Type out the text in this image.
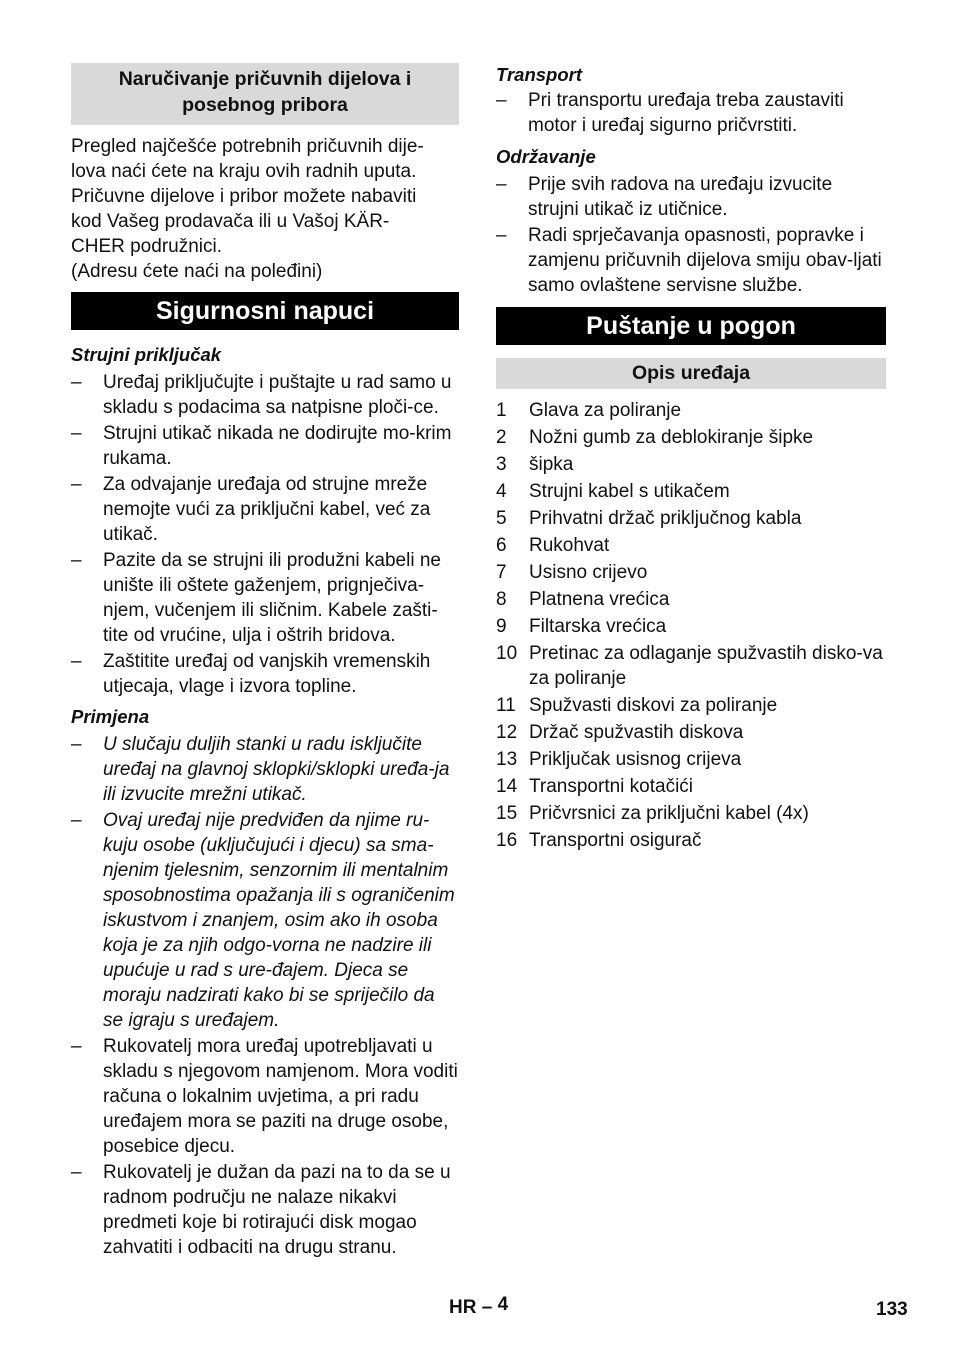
Naručivanje pričuvnih dijelova i posebnog pribora

Pregled najčešće potrebnih pričuvnih dije-

lova naći ćete na kraju ovih radnih uputa.

Pričuvne dijelove i pribor možete nabaviti

kod Vašeg prodavača ili u Vašoj KÄR-

CHER podružnici.

(Adresu ćete naći na poleđini)

Sigurnosni napuci
Strujni priključak
– Uređaj priključujte i puštajte u rad samo u skladu s podacima sa natpisne ploči-ce.
– Strujni utikač nikada ne dodirujte mo-krim rukama.
– Za odvajanje uređaja od strujne mreže nemojte vući za priključni kabel, već za utikač.
– Pazite da se strujni ili produžni kabeli ne unište ili oštete gaženjem, prignječiva-njem, vučenjem ili sličnim. Kabele zašti-tite od vrućine, ulja i oštrih bridova.
– Zaštitite uređaj od vanjskih vremenskih utjecaja, vlage i izvora topline.
Primjena
– U slučaju duljih stanki u radu isključite uređaj na glavnoj sklopki/sklopki uređa-ja ili izvucite mrežni utikač.
– Ovaj uređaj nije predviđen da njime ru-kuju osobe (uključujući i djecu) sa sma-njenim tjelesnim, senzornim ili mentalnim sposobnostima opažanja ili s ograničenim iskustvom i znanjem, osim ako ih osoba koja je za njih odgo-vorna ne nadzire ili upućuje u rad s ure-đajem. Djeca se moraju nadzirati kako bi se spriječilo da se igraju s uređajem.
– Rukovatelj mora uređaj upotrebljavati u skladu s njegovom namjenom. Mora voditi računa o lokalnim uvjetima, a pri radu uređajem mora se paziti na druge osobe, posebice djecu.
– Rukovatelj je dužan da pazi na to da se u radnom području ne nalaze nikakvi predmeti koje bi rotirajući disk mogao zahvatiti i odbaciti na drugu stranu.
Transport
– Pri transportu uređaja treba zaustaviti motor i uređaj sigurno pričvrstiti.
Održavanje
– Prije svih radova na uređaju izvucite strujni utikač iz utičnice.
– Radi sprječavanja opasnosti, popravke i zamjenu pričuvnih dijelova smiju obav-ljati samo ovlaštene servisne službe.
Puštanje u pogon
Opis uređaja
1 Glava za poliranje
2 Nožni gumb za deblokiranje šipke
3 šipka
4 Strujni kabel s utikačem
5 Prihvatni držač priključnog kabla
6 Rukohvat
7 Usisno crijevo
8 Platnena vrećica
9 Filtarska vrećica
10 Pretinac za odlaganje spužvastih disko-va za poliranje
11 Spužvasti diskovi za poliranje
12 Držač spužvastih diskova
13 Priključak usisnog crijeva
14 Transportni kotačići
15 Pričvrsnici za priključni kabel (4x)
16 Transportni osigurač
HR – 4	133
